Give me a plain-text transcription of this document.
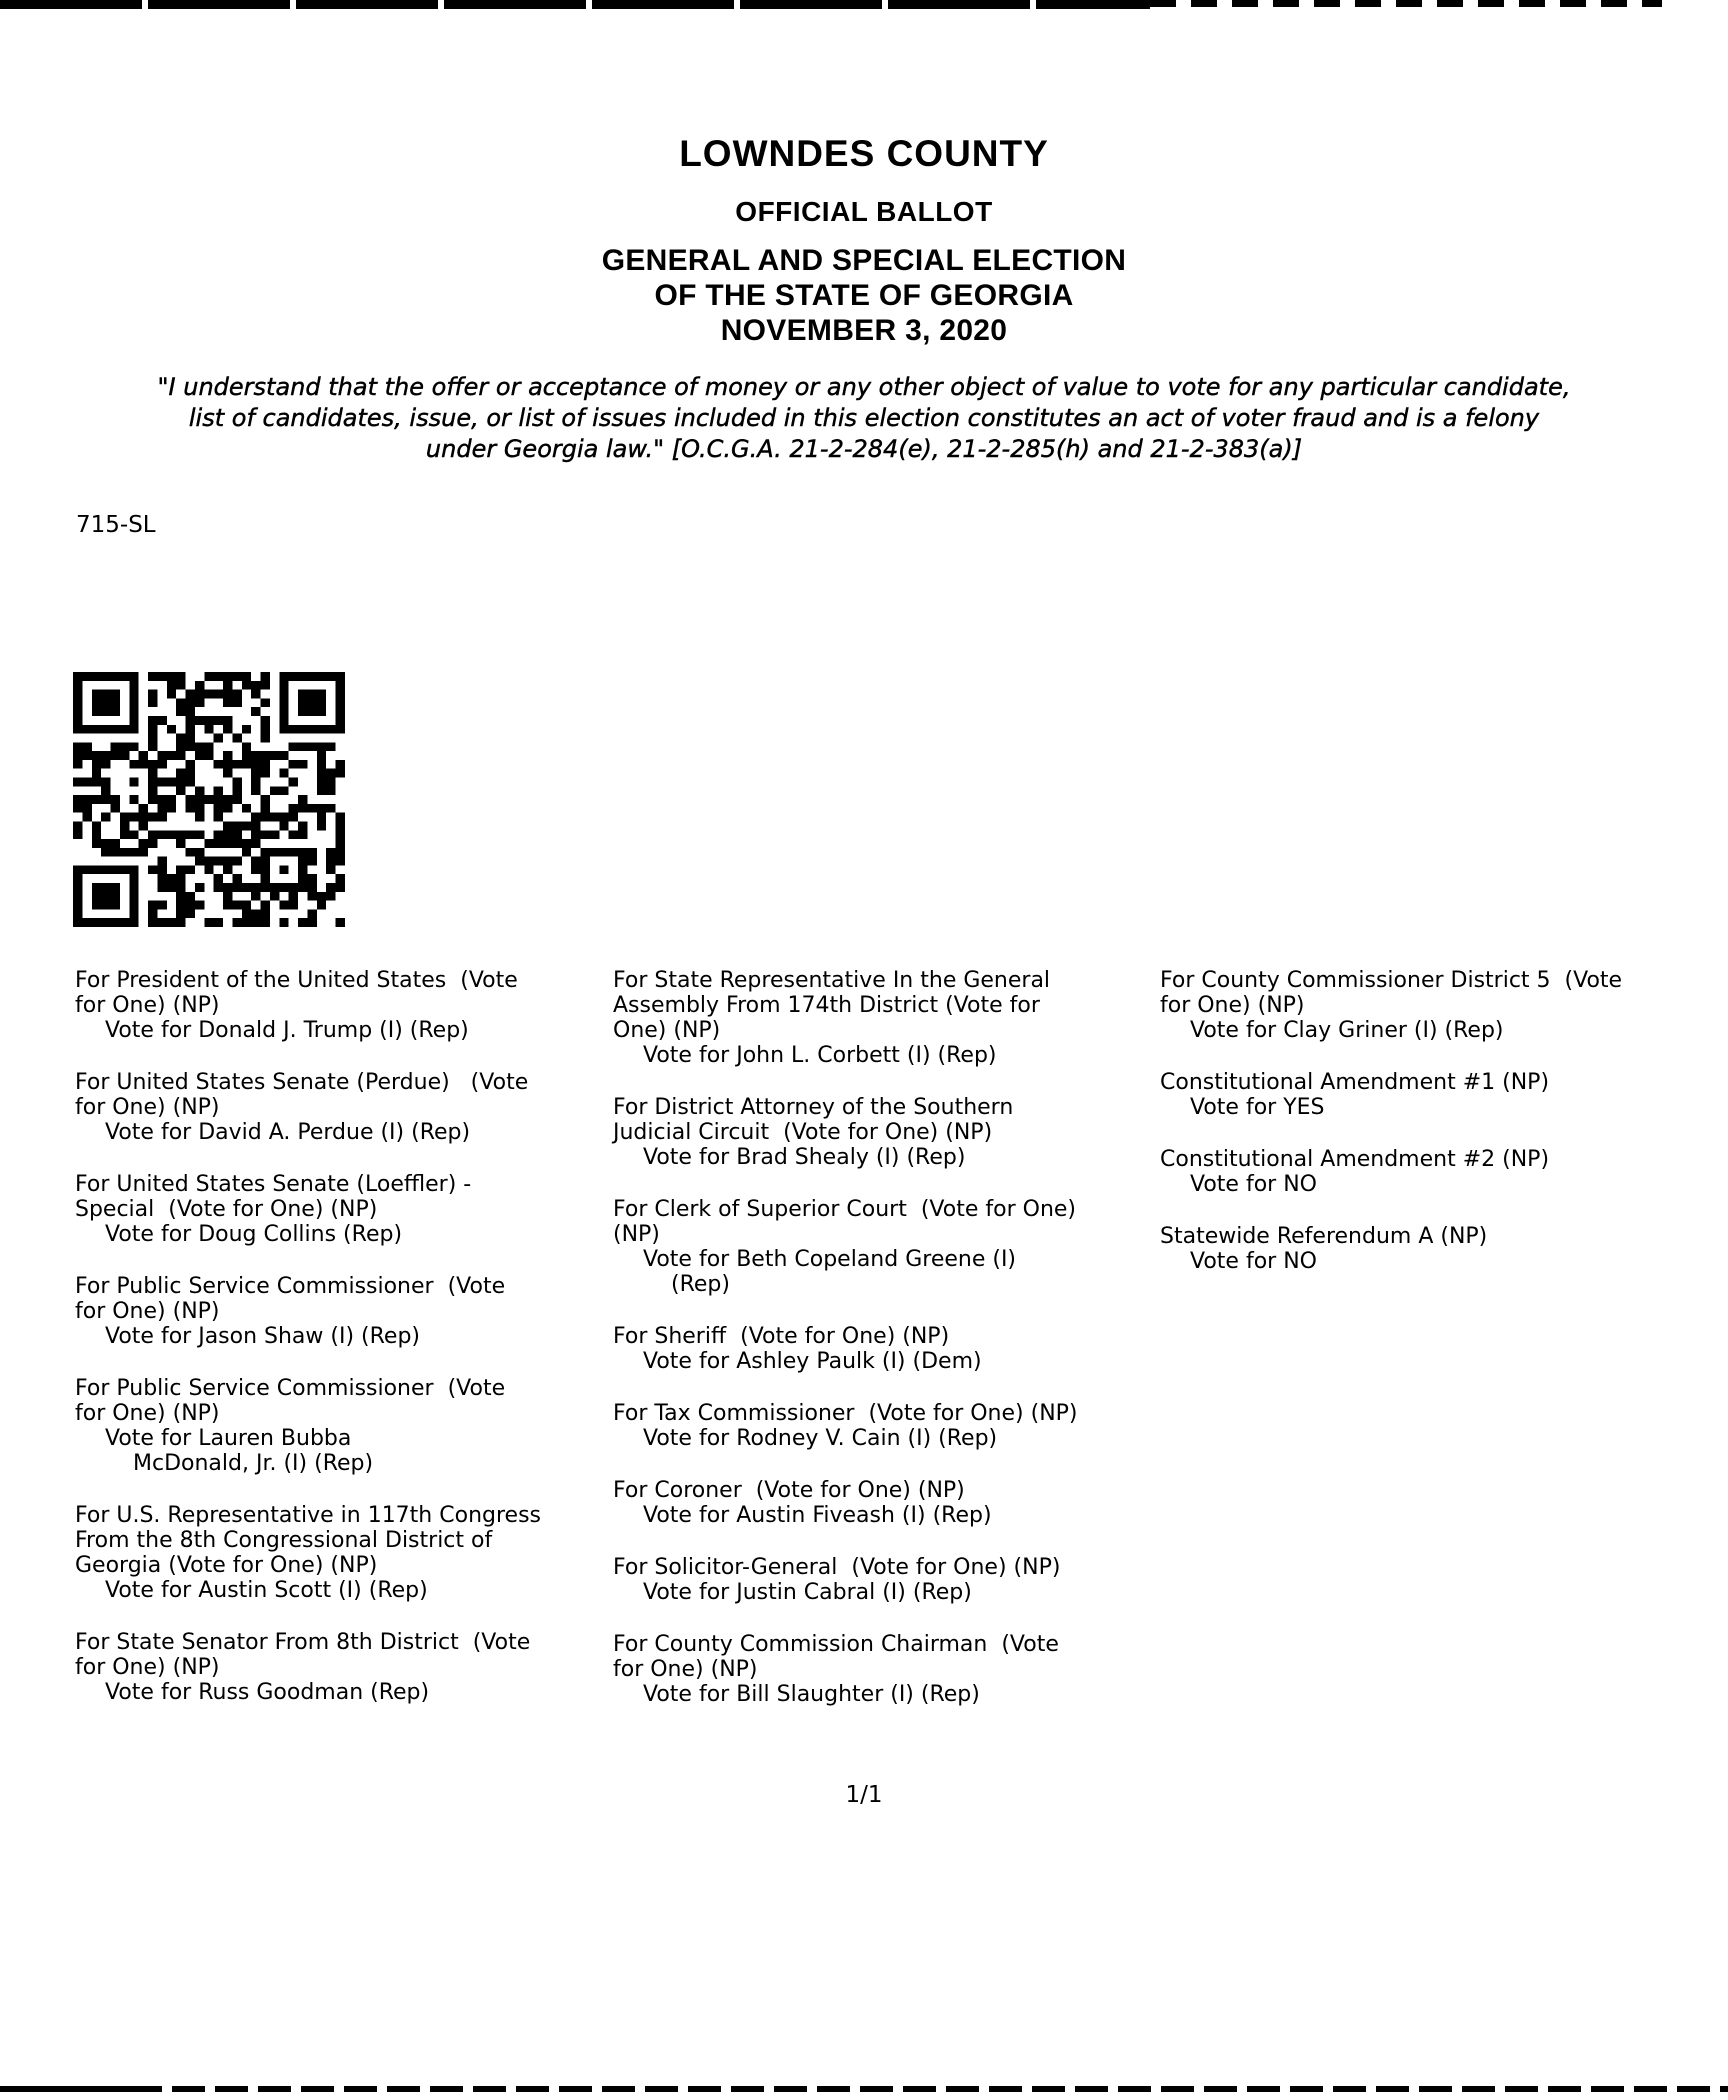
LOWNDES COUNTY
OFFICIAL BALLOT
GENERAL AND SPECIAL ELECTION
OF THE STATE OF GEORGIA
NOVEMBER 3, 2020
"I understand that the offer or acceptance of money or any other object of value to vote for any particular candidate,
list of candidates, issue, or list of issues included in this election constitutes an act of voter fraud and is a felony
under Georgia law." [O.C.G.A. 21-2-284(e), 21-2-285(h) and 21-2-383(a)]
715-SL
For President of the United States  (Vote
for One) (NP)
Vote for Donald J. Trump (I) (Rep)
For United States Senate (Perdue)   (Vote
for One) (NP)
Vote for David A. Perdue (I) (Rep)
For United States Senate (Loeffler) -
Special  (Vote for One) (NP)
Vote for Doug Collins (Rep)
For Public Service Commissioner  (Vote
for One) (NP)
Vote for Jason Shaw (I) (Rep)
For Public Service Commissioner  (Vote
for One) (NP)
Vote for Lauren Bubba
McDonald, Jr. (I) (Rep)
For U.S. Representative in 117th Congress
From the 8th Congressional District of
Georgia (Vote for One) (NP)
Vote for Austin Scott (I) (Rep)
For State Senator From 8th District  (Vote
for One) (NP)
Vote for Russ Goodman (Rep)
For State Representative In the General
Assembly From 174th District (Vote for
One) (NP)
Vote for John L. Corbett (I) (Rep)
For District Attorney of the Southern
Judicial Circuit  (Vote for One) (NP)
Vote for Brad Shealy (I) (Rep)
For Clerk of Superior Court  (Vote for One)
(NP)
Vote for Beth Copeland Greene (I)
(Rep)
For Sheriff  (Vote for One) (NP)
Vote for Ashley Paulk (I) (Dem)
For Tax Commissioner  (Vote for One) (NP)
Vote for Rodney V. Cain (I) (Rep)
For Coroner  (Vote for One) (NP)
Vote for Austin Fiveash (I) (Rep)
For Solicitor-General  (Vote for One) (NP)
Vote for Justin Cabral (I) (Rep)
For County Commission Chairman  (Vote
for One) (NP)
Vote for Bill Slaughter (I) (Rep)
For County Commissioner District 5  (Vote
for One) (NP)
Vote for Clay Griner (I) (Rep)
Constitutional Amendment #1 (NP)
Vote for YES
Constitutional Amendment #2 (NP)
Vote for NO
Statewide Referendum A (NP)
Vote for NO
1/1
